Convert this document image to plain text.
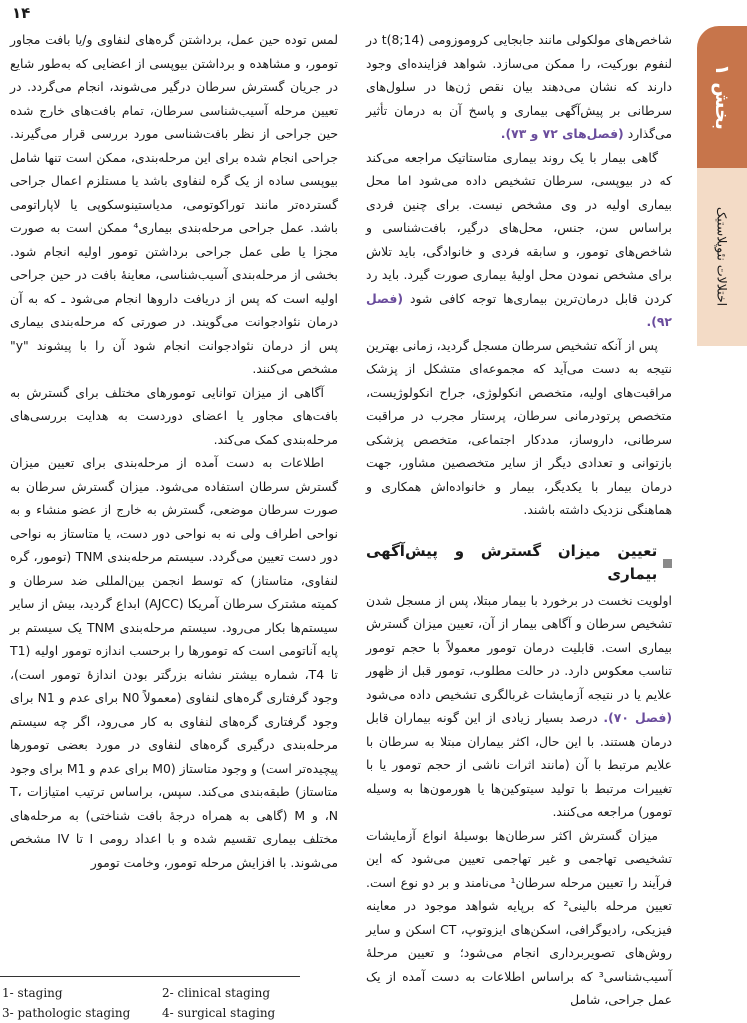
۱۴
بخش ۱
اختلالات نئوپلاستیک

شاخص‌های مولکولی مانند جابجایی کروموزومی t(8;14) در لنفوم بورکیت، را ممکن می‌سازد. شواهد فزاینده‌ای وجود دارند که نشان می‌دهند بیان نقص ژن‌ها در سلول‌های سرطانی بر پیش‌آگهی بیماری و پاسخ آن به درمان تأثیر می‌گذارد (فصل‌های ۷۲ و ۷۳).

گاهی بیمار با یک روند بیماری متاستاتیک مراجعه می‌کند که در بیوپسی، سرطان تشخیص داده می‌شود اما محل بیماری اولیه در وی مشخص نیست. برای چنین فردی براساس سن، جنس، محل‌های درگیر، بافت‌شناسی و شاخص‌های تومور، و سابقه فردی و خانوادگی، باید تلاش برای مشخص نمودن محل اولیهٔ بیماری صورت گیرد. باید رد کردن قابل درمان‌ترین بیماری‌ها توجه کافی شود (فصل ۹۲).

پس از آنکه تشخیص سرطان مسجل گردید، زمانی بهترین نتیجه به دست می‌آید که مجموعه‌ای متشکل از پزشک مراقبت‌های اولیه، متخصص انکولوژی، جراح انکولوژیست، متخصص پرتودرمانی سرطان، پرستار مجرب در مراقبت سرطانی، داروساز، مددکار اجتماعی، متخصص پزشکی بازتوانی و تعدادی دیگر از سایر متخصصین مشاور، جهت درمان بیمار با یکدیگر، بیمار و خانواده‌اش همکاری و هماهنگی نزدیک داشته باشند.

تعیین میزان گسترش و پیش‌آگهی بیماری

اولویت نخست در برخورد با بیمار مبتلا، پس از مسجل شدن تشخیص سرطان و آگاهی بیمار از آن، تعیین میزان گسترش بیماری است. قابلیت درمان تومور معمولاً با حجم تومور تناسب معکوس دارد. در حالت مطلوب، تومور قبل از ظهور علایم یا در نتیجه آزمایشات غربالگری تشخیص داده می‌شود (فصل ۷۰). درصد بسیار زیادی از این گونه بیماران قابل درمان هستند. با این حال، اکثر بیماران مبتلا به سرطان با علایم مرتبط با آن (مانند اثرات ناشی از حجم تومور یا با تغییرات مرتبط با تولید سیتوکین‌ها یا هورمون‌ها به وسیله تومور) مراجعه می‌کنند.

میزان گسترش اکثر سرطان‌ها بوسیلهٔ انواع آزمایشات تشخیصی تهاجمی و غیر تهاجمی تعیین می‌شود که این فرآیند را تعیین مرحله سرطان¹ می‌نامند و بر دو نوع است. تعیین مرحله بالینی² که برپایه شواهد موجود در معاینه فیزیکی، رادیوگرافی، اسکن‌های ایزوتوپ، CT اسکن و سایر روش‌های تصویربرداری انجام می‌شود؛ و تعیین مرحلهٔ آسیب‌شناسی³ که براساس اطلاعات به دست آمده از یک عمل جراحی، شامل

لمس توده حین عمل، برداشتن گره‌های لنفاوی و/یا بافت مجاور تومور، و مشاهده و برداشتن بیوپسی از اعضایی که به‌طور شایع در جریان گسترش سرطان درگیر می‌شوند، انجام می‌گردد. در تعیین مرحله آسیب‌شناسی سرطان، تمام بافت‌های خارج شده حین جراحی از نظر بافت‌شناسی مورد بررسی قرار می‌گیرند. جراحی انجام شده برای این مرحله‌بندی، ممکن است تنها شامل بیوپسی ساده از یک گره لنفاوی باشد یا مستلزم اعمال جراحی گسترده‌تر مانند توراکوتومی، مدیاستینوسکوپی یا لاپاراتومی باشد. عمل جراحی مرحله‌بندی بیماری⁴ ممکن است به صورت مجزا یا طی عمل جراحی برداشتن تومور اولیه انجام شود. بخشی از مرحله‌بندی آسیب‌شناسی، معاینهٔ بافت در حین جراحی اولیه است که پس از دریافت داروها انجام می‌شود ـ که به آن درمان نئوادجوانت می‌گویند. در صورتی که مرحله‌بندی بیماری پس از درمان نئوادجوانت انجام شود آن را با پیشوند "y" مشخص می‌کنند.

آگاهی از میزان توانایی تومورهای مختلف برای گسترش به بافت‌های مجاور یا اعضای دوردست به هدایت بررسی‌های مرحله‌بندی کمک می‌کند.

اطلاعات به دست آمده از مرحله‌بندی برای تعیین میزان گسترش سرطان استفاده می‌شود. میزان گسترش سرطان به صورت سرطان موضعی، گسترش به خارج از عضو منشاء و به نواحی اطراف ولی نه به نواحی دور دست، یا متاستاز به نواحی دور دست تعیین می‌گردد. سیستم مرحله‌بندی TNM (تومور، گره لنفاوی، متاستاز) که توسط انجمن بین‌المللی ضد سرطان و کمیته مشترک سرطان آمریکا (AJCC) ابداع گردید، بیش از سایر سیستم‌ها بکار می‌رود. سیستم مرحله‌بندی TNM یک سیستم بر پایه آناتومی است که تومورها را برحسب اندازه تومور اولیه (T1 تا T4، شماره بیشتر نشانه بزرگتر بودن اندازهٔ تومور است)، وجود گرفتاری گره‌های لنفاوی (معمولاً N0 برای عدم و N1 برای وجود گرفتاری گره‌های لنفاوی به کار می‌رود، اگر چه سیستم مرحله‌بندی درگیری گره‌های لنفاوی در مورد بعضی تومورها پیچیده‌تر است) و وجود متاستاز (M0 برای عدم و M1 برای وجود متاستاز) طبقه‌بندی می‌کند. سپس، براساس ترتیب امتیازات T، N، و M (گاهی به همراه درجهٔ بافت شناختی) به مرحله‌های مختلف بیماری تقسیم شده و با اعداد رومی I تا IV مشخص می‌شوند. با افزایش مرحله تومور، وخامت تومور

1- staging	2- clinical staging
3- pathologic staging	4- surgical staging
